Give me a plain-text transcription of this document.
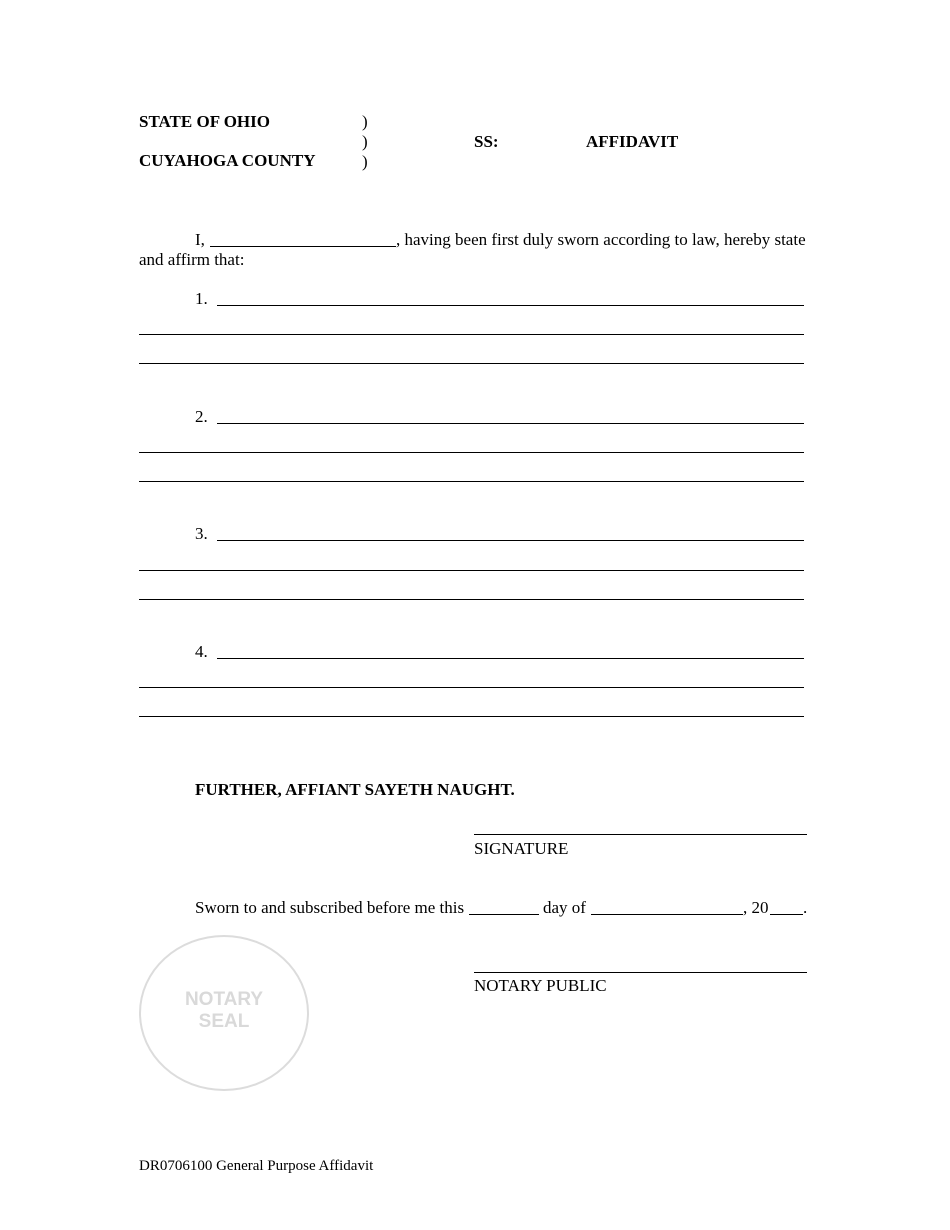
STATE OF OHIO
CUYAHOGA COUNTY
)
)
)
SS:	AFFIDAVIT
I,	, having been first duly sworn according to law, hereby state
and affirm that:
1.
2.
3.
4.
FURTHER, AFFIANT SAYETH NAUGHT.
SIGNATURE
Sworn to and subscribed before me this	day of	, 20 .
NOTARY
SEAL
NOTARY PUBLIC
DR0706100 General Purpose Affidavit
